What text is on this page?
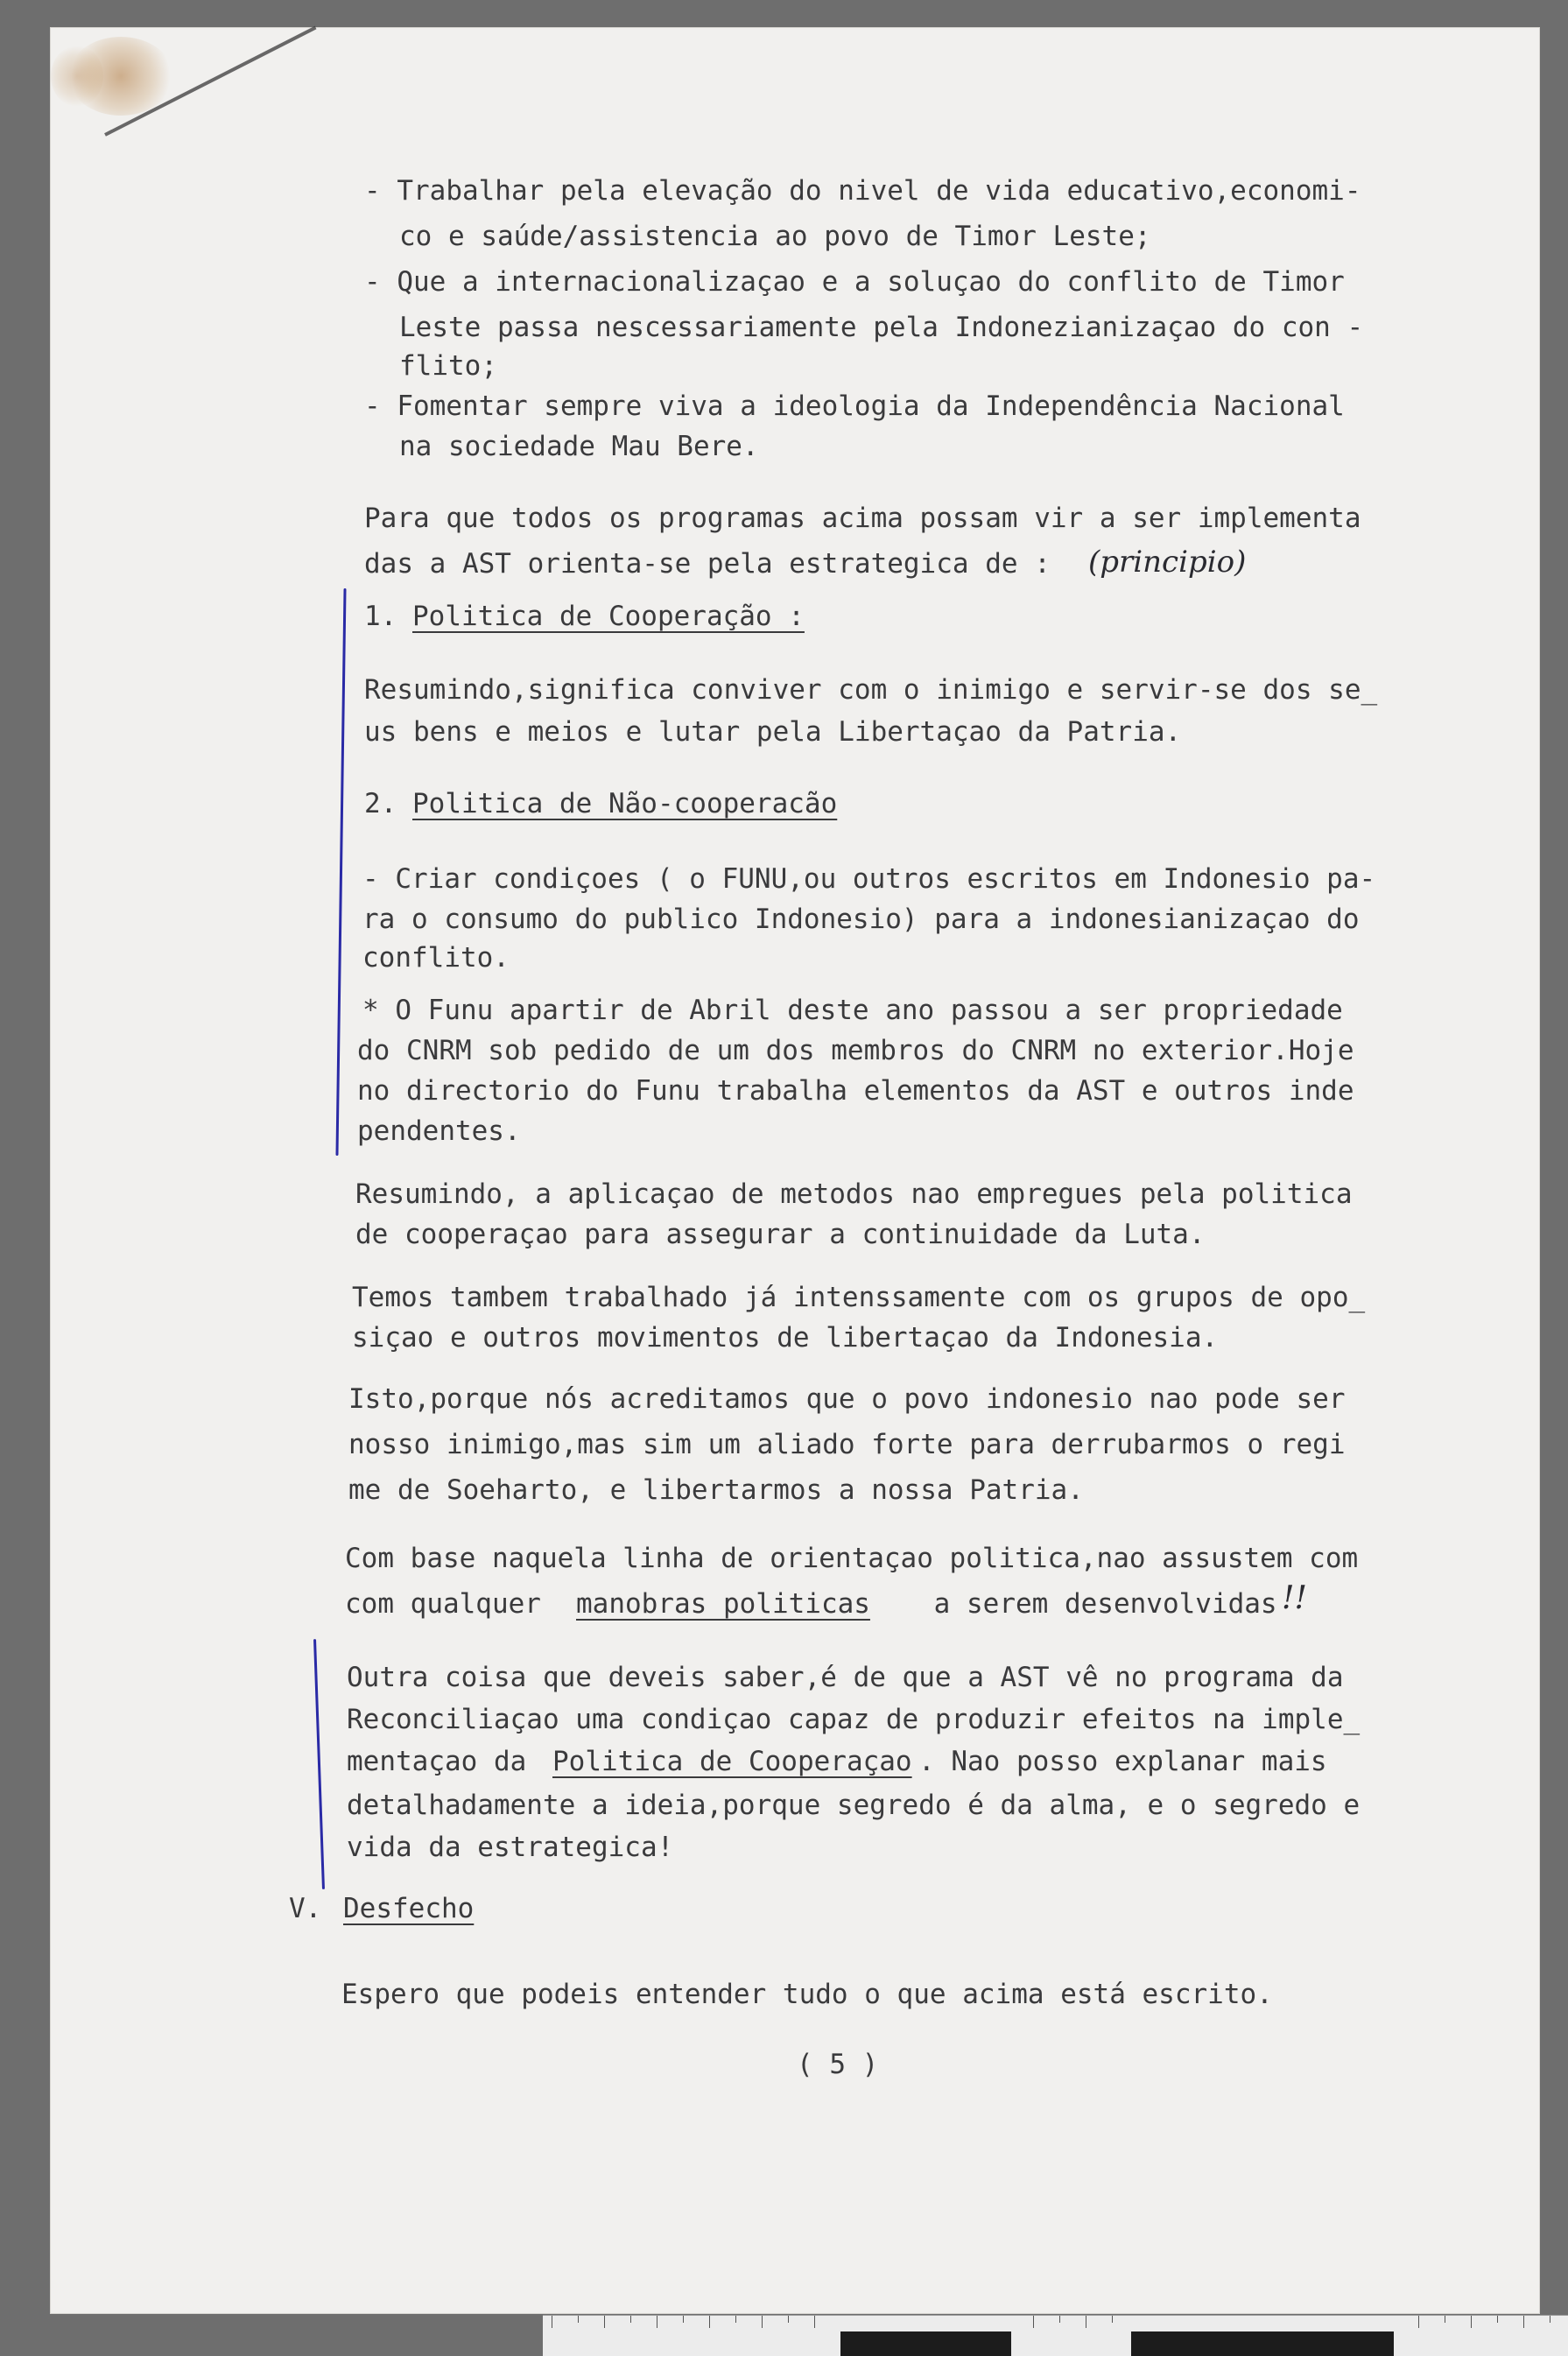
- Trabalhar pela elevação do nivel de vida educativo,economi-
co e saúde/assistencia ao povo de Timor Leste;
- Que a internacionalizaçao e a soluçao do conflito de Timor
Leste passa nescessariamente pela Indonezianizaçao do con -
flito;
- Fomentar sempre viva a ideologia da Independência Nacional
na sociedade Mau Bere.
Para que todos os programas acima possam vir a ser implementa
das a AST orienta-se pela estrategica de : (principio)
1. Politica de Cooperação :
Resumindo,significa conviver com o inimigo e servir-se dos se_
us bens e meios e lutar pela Libertaçao da Patria.
2. Politica de Não-cooperacão
- Criar condiçoes ( o FUNU,ou outros escritos em Indonesio pa-
ra o consumo do publico Indonesio) para a indonesianizaçao do
conflito.
* O Funu apartir de Abril deste ano passou a ser propriedade
do CNRM sob pedido de um dos membros do CNRM no exterior.Hoje
no directorio do Funu trabalha elementos da AST e outros inde
pendentes.
Resumindo, a aplicaçao de metodos nao empregues pela politica
de cooperaçao para assegurar a continuidade da Luta.
Temos tambem trabalhado já intenssamente com os grupos de opo_
siçao e outros movimentos de libertaçao da Indonesia.
Isto,porque nós acreditamos que o povo indonesio nao pode ser
nosso inimigo,mas sim um aliado forte para derrubarmos o regi
me de Soeharto, e libertarmos a nossa Patria.
Com base naquela linha de orientaçao politica,nao assustem com
com qualquer manobras politicas a serem desenvolvidas !!
Outra coisa que deveis saber,é de que a AST vê no programa da
Reconciliaçao uma condiçao capaz de produzir efeitos na imple_
mentaçao da Politica de Cooperaçao . Nao posso explanar mais
detalhadamente a ideia,porque segredo é da alma, e o segredo e
vida da estrategica!
V. Desfecho
Espero que podeis entender tudo o que acima está escrito.
( 5 )
